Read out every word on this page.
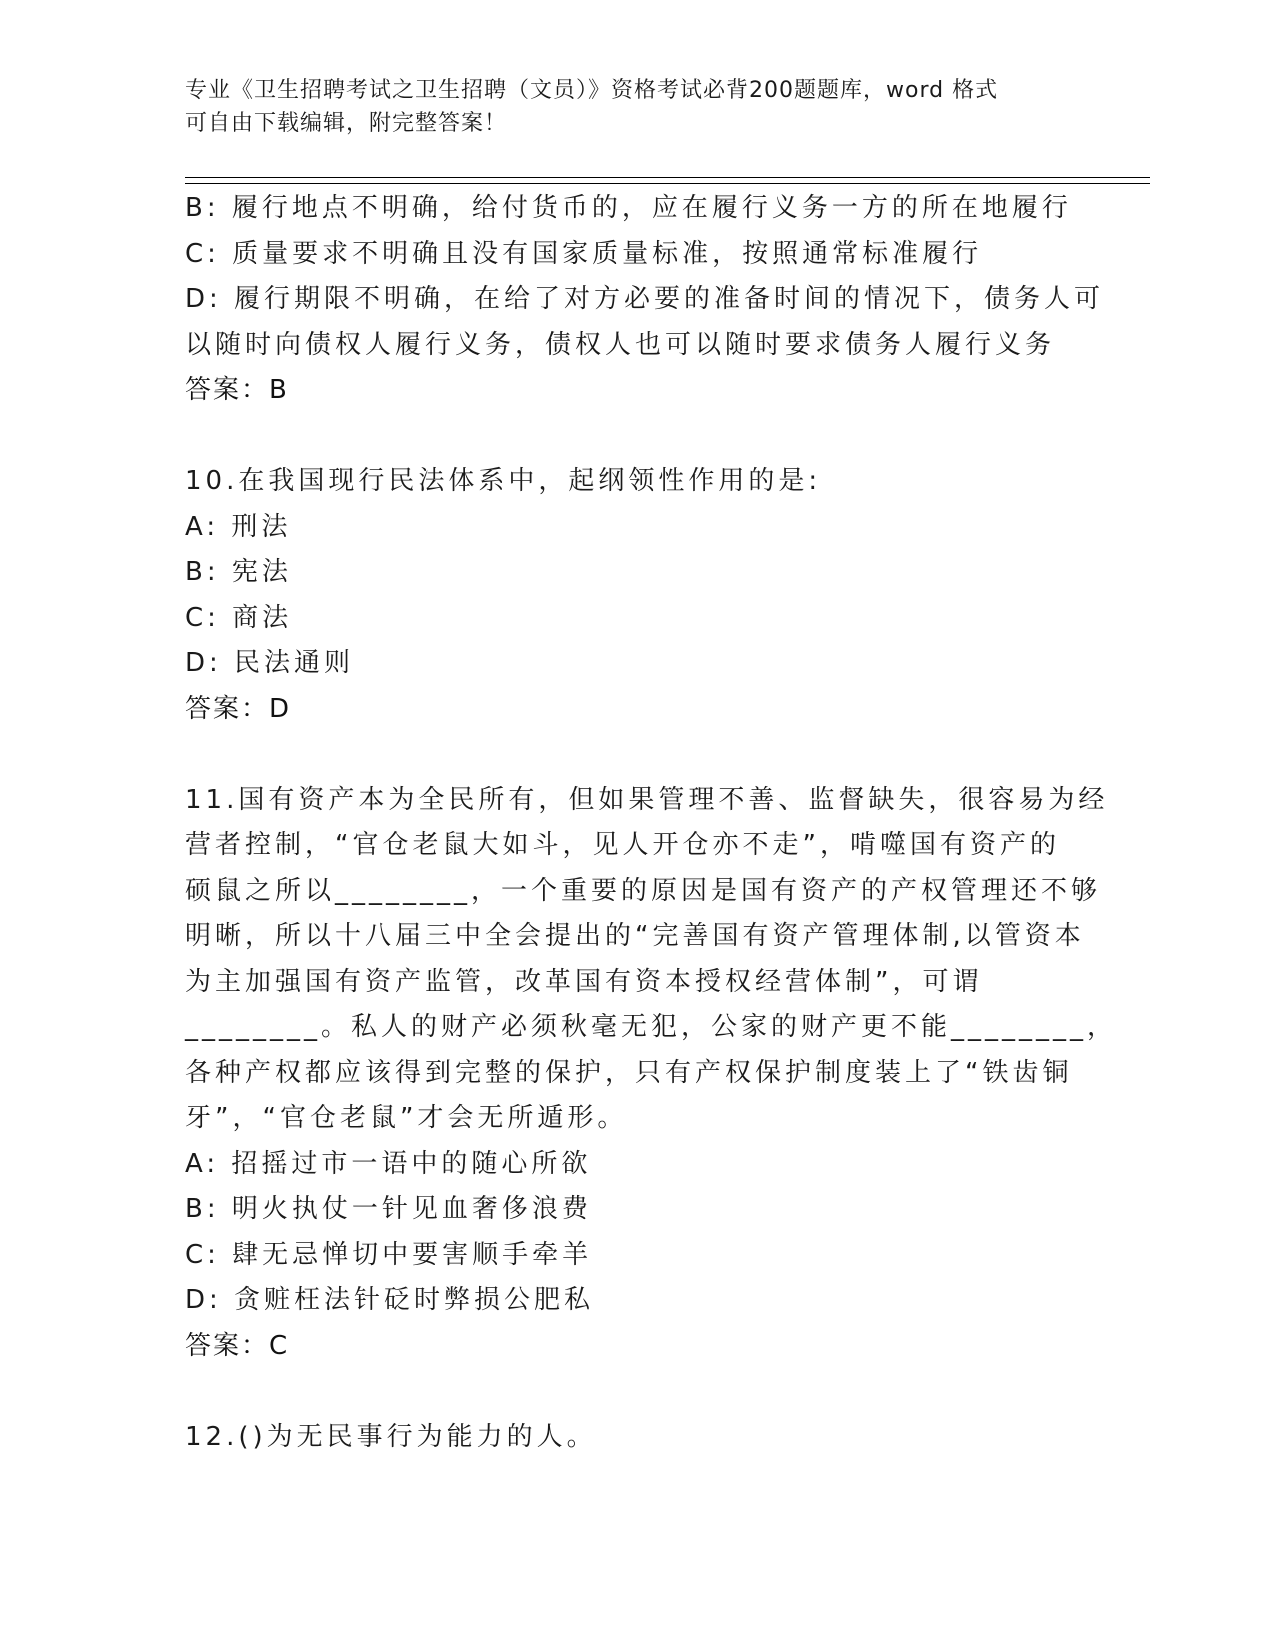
专业《卫生招聘考试之卫生招聘（文员）》资格考试必背200题题库，word 格式

可自由下载编辑，附完整答案！

B: 履行地点不明确，给付货币的，应在履行义务一方的所在地履行

C: 质量要求不明确且没有国家质量标准，按照通常标准履行

D: 履行期限不明确，在给了对方必要的准备时间的情况下，债务人可

以随时向债权人履行义务，债权人也可以随时要求债务人履行义务

答案：B

10.在我国现行民法体系中，起纲领性作用的是:

A: 刑法

B: 宪法

C: 商法

D: 民法通则

答案：D

11.国有资产本为全民所有，但如果管理不善、监督缺失，很容易为经

营者控制，“官仓老鼠大如斗，见人开仓亦不走”，啃噬国有资产的

硕鼠之所以________，一个重要的原因是国有资产的产权管理还不够

明晰，所以十八届三中全会提出的“完善国有资产管理体制,以管资本

为主加强国有资产监管，改革国有资本授权经营体制”，可谓

________。私人的财产必须秋毫无犯，公家的财产更不能________，

各种产权都应该得到完整的保护，只有产权保护制度装上了“铁齿铜

牙”，“官仓老鼠”才会无所遁形。

A: 招摇过市一语中的随心所欲

B: 明火执仗一针见血奢侈浪费

C: 肆无忌惮切中要害顺手牵羊

D: 贪赃枉法针砭时弊损公肥私

答案：C

12.()为无民事行为能力的人。
